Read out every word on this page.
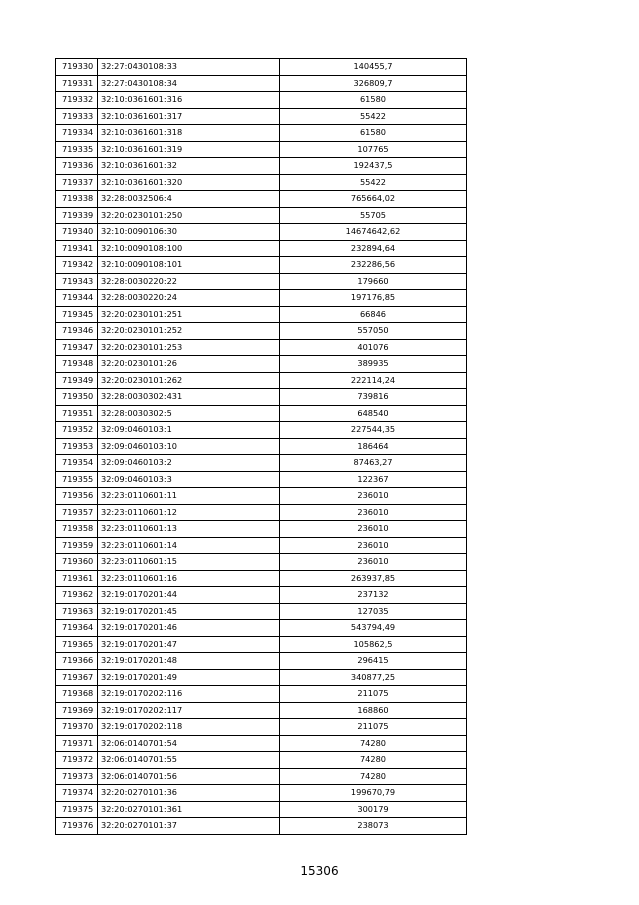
719330	32:27:0430108:33	140455,7
719331	32:27:0430108:34	326809,7
719332	32:10:0361601:316	61580
719333	32:10:0361601:317	55422
719334	32:10:0361601:318	61580
719335	32:10:0361601:319	107765
719336	32:10:0361601:32	192437,5
719337	32:10:0361601:320	55422
719338	32:28:0032506:4	765664,02
719339	32:20:0230101:250	55705
719340	32:10:0090106:30	14674642,62
719341	32:10:0090108:100	232894,64
719342	32:10:0090108:101	232286,56
719343	32:28:0030220:22	179660
719344	32:28:0030220:24	197176,85
719345	32:20:0230101:251	66846
719346	32:20:0230101:252	557050
719347	32:20:0230101:253	401076
719348	32:20:0230101:26	389935
719349	32:20:0230101:262	222114,24
719350	32:28:0030302:431	739816
719351	32:28:0030302:5	648540
719352	32:09:0460103:1	227544,35
719353	32:09:0460103:10	186464
719354	32:09:0460103:2	87463,27
719355	32:09:0460103:3	122367
719356	32:23:0110601:11	236010
719357	32:23:0110601:12	236010
719358	32:23:0110601:13	236010
719359	32:23:0110601:14	236010
719360	32:23:0110601:15	236010
719361	32:23:0110601:16	263937,85
719362	32:19:0170201:44	237132
719363	32:19:0170201:45	127035
719364	32:19:0170201:46	543794,49
719365	32:19:0170201:47	105862,5
719366	32:19:0170201:48	296415
719367	32:19:0170201:49	340877,25
719368	32:19:0170202:116	211075
719369	32:19:0170202:117	168860
719370	32:19:0170202:118	211075
719371	32:06:0140701:54	74280
719372	32:06:0140701:55	74280
719373	32:06:0140701:56	74280
719374	32:20:0270101:36	199670,79
719375	32:20:0270101:361	300179
719376	32:20:0270101:37	238073
15306
